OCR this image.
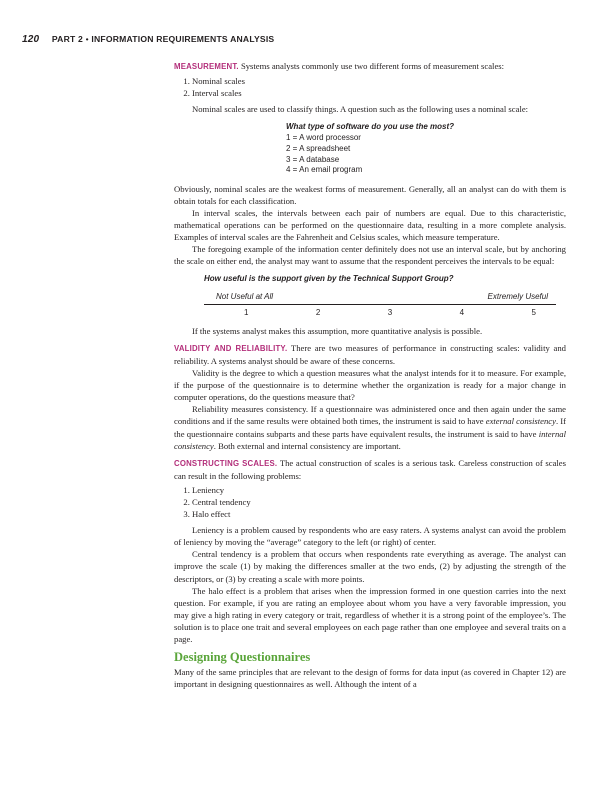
120 PART 2 • INFORMATION REQUIREMENTS ANALYSIS

MEASUREMENT. Systems analysts commonly use two different forms of measurement scales:

1. Nominal scales
2. Interval scales

Nominal scales are used to classify things. A question such as the following uses a nominal scale:

What type of software do you use the most?
1 = A word processor
2 = A spreadsheet
3 = A database
4 = An email program

Obviously, nominal scales are the weakest forms of measurement. Generally, all an analyst can do with them is obtain totals for each classification.

In interval scales, the intervals between each pair of numbers are equal. Due to this characteristic, mathematical operations can be performed on the questionnaire data, resulting in a more complete analysis. Examples of interval scales are the Fahrenheit and Celsius scales, which measure temperature.

The foregoing example of the information center definitely does not use an interval scale, but by anchoring the scale on either end, the analyst may want to assume that the respondent perceives the intervals to be equal:

How useful is the support given by the Technical Support Group?
Not Useful at All	Extremely Useful
1	2	3	4	5

If the systems analyst makes this assumption, more quantitative analysis is possible.

VALIDITY AND RELIABILITY. There are two measures of performance in constructing scales: validity and reliability. A systems analyst should be aware of these concerns.

Validity is the degree to which a question measures what the analyst intends for it to measure. For example, if the purpose of the questionnaire is to determine whether the organization is ready for a major change in computer operations, do the questions measure that?

Reliability measures consistency. If a questionnaire was administered once and then again under the same conditions and if the same results were obtained both times, the instrument is said to have external consistency. If the questionnaire contains subparts and these parts have equivalent results, the instrument is said to have internal consistency. Both external and internal consistency are important.

CONSTRUCTING SCALES. The actual construction of scales is a serious task. Careless construction of scales can result in the following problems:

1. Leniency
2. Central tendency
3. Halo effect

Leniency is a problem caused by respondents who are easy raters. A systems analyst can avoid the problem of leniency by moving the “average” category to the left (or right) of center.

Central tendency is a problem that occurs when respondents rate everything as average. The analyst can improve the scale (1) by making the differences smaller at the two ends, (2) by adjusting the strength of the descriptors, or (3) by creating a scale with more points.

The halo effect is a problem that arises when the impression formed in one question carries into the next question. For example, if you are rating an employee about whom you have a very favorable impression, you may give a high rating in every category or trait, regardless of whether it is a strong point of the employee’s. The solution is to place one trait and several employees on each page rather than one employee and several traits on a page.

Designing Questionnaires

Many of the same principles that are relevant to the design of forms for data input (as covered in Chapter 12) are important in designing questionnaires as well. Although the intent of a
